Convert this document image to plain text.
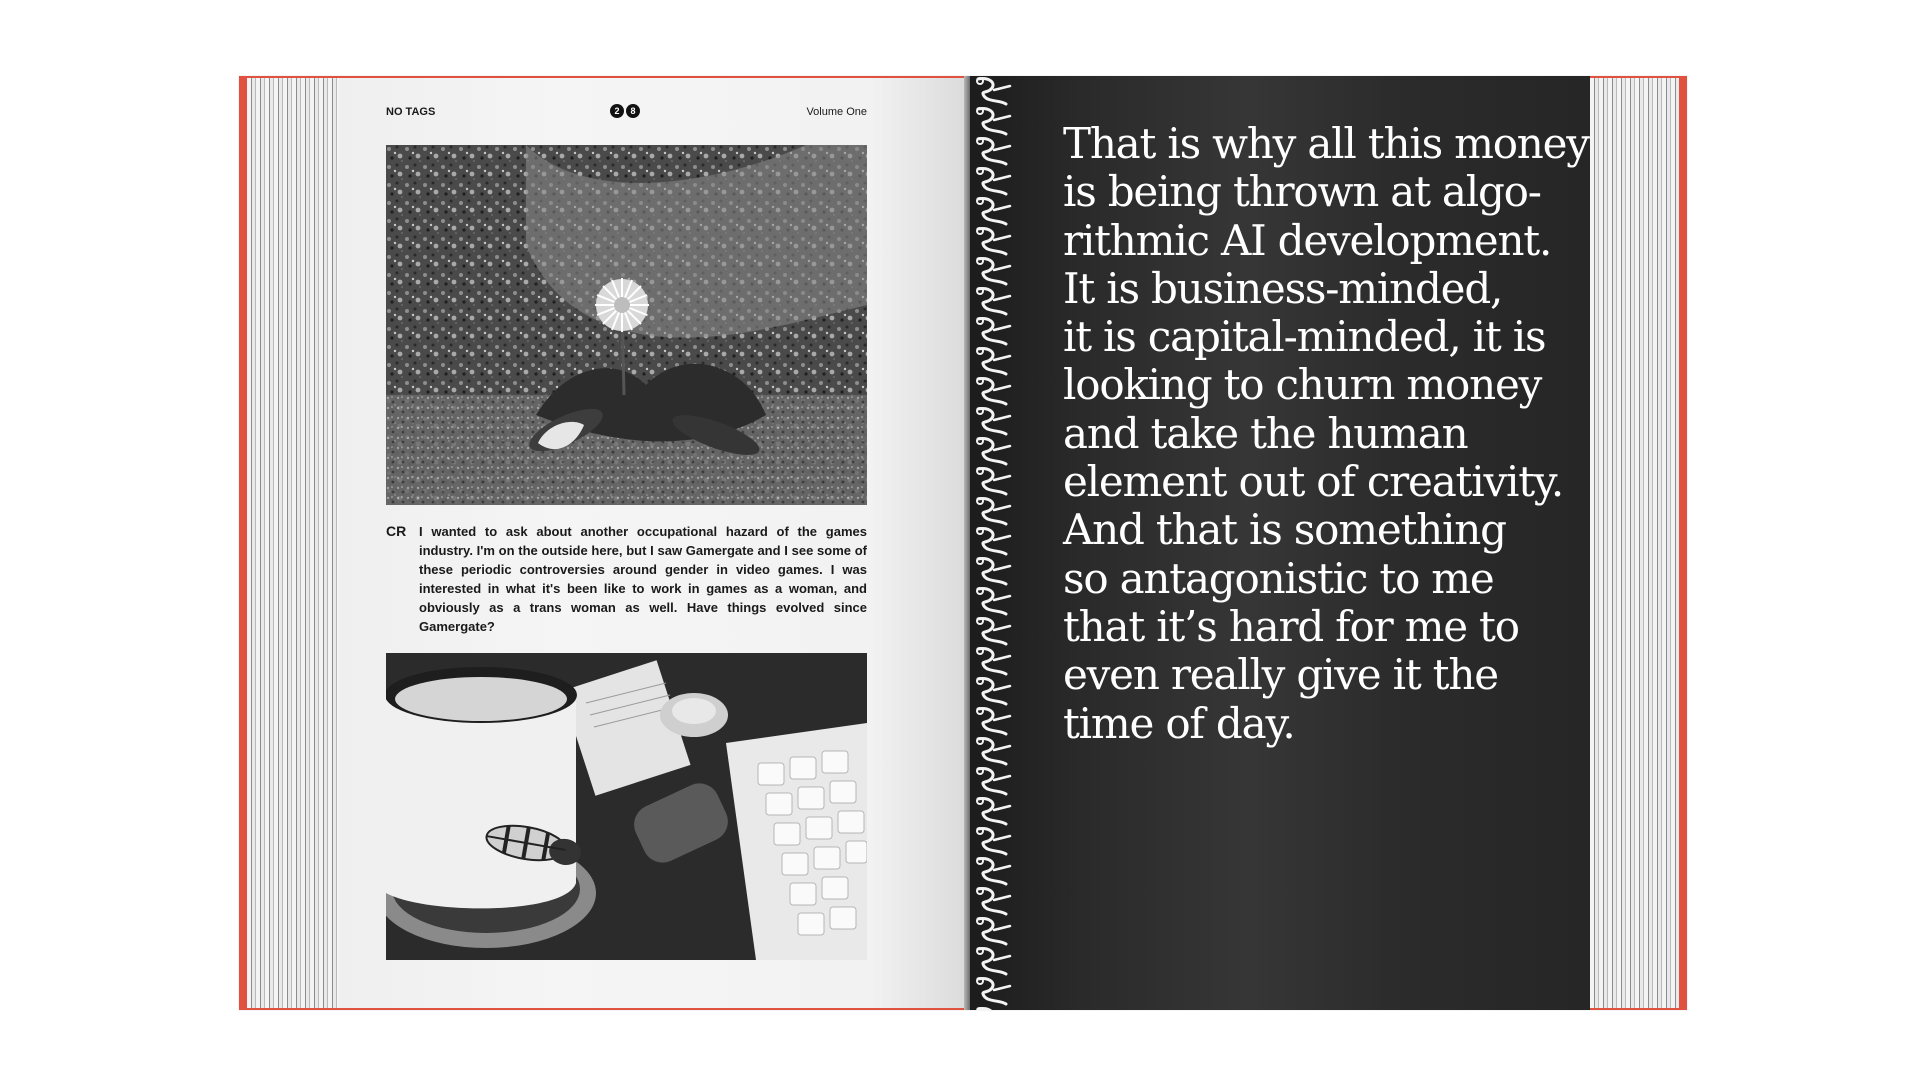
NO TAGS	2	8	Volume One
CR I wanted to ask about another occupational hazard of the games industry. I'm on the outside here, but I saw Gamergate and I see some of these periodic controversies around gender in video games. I was interested in what it's been like to work in games as a woman, and obviously as a trans woman as well. Have things evolved since Gamergate?

That is why all this money
is being thrown at algo-
rithmic AI development.
It is business-minded,
it is capital-minded, it is
looking to churn money
and take the human
element out of creativity.
And that is something
so antagonistic to me
that it’s hard for me to
even really give it the
time of day.
